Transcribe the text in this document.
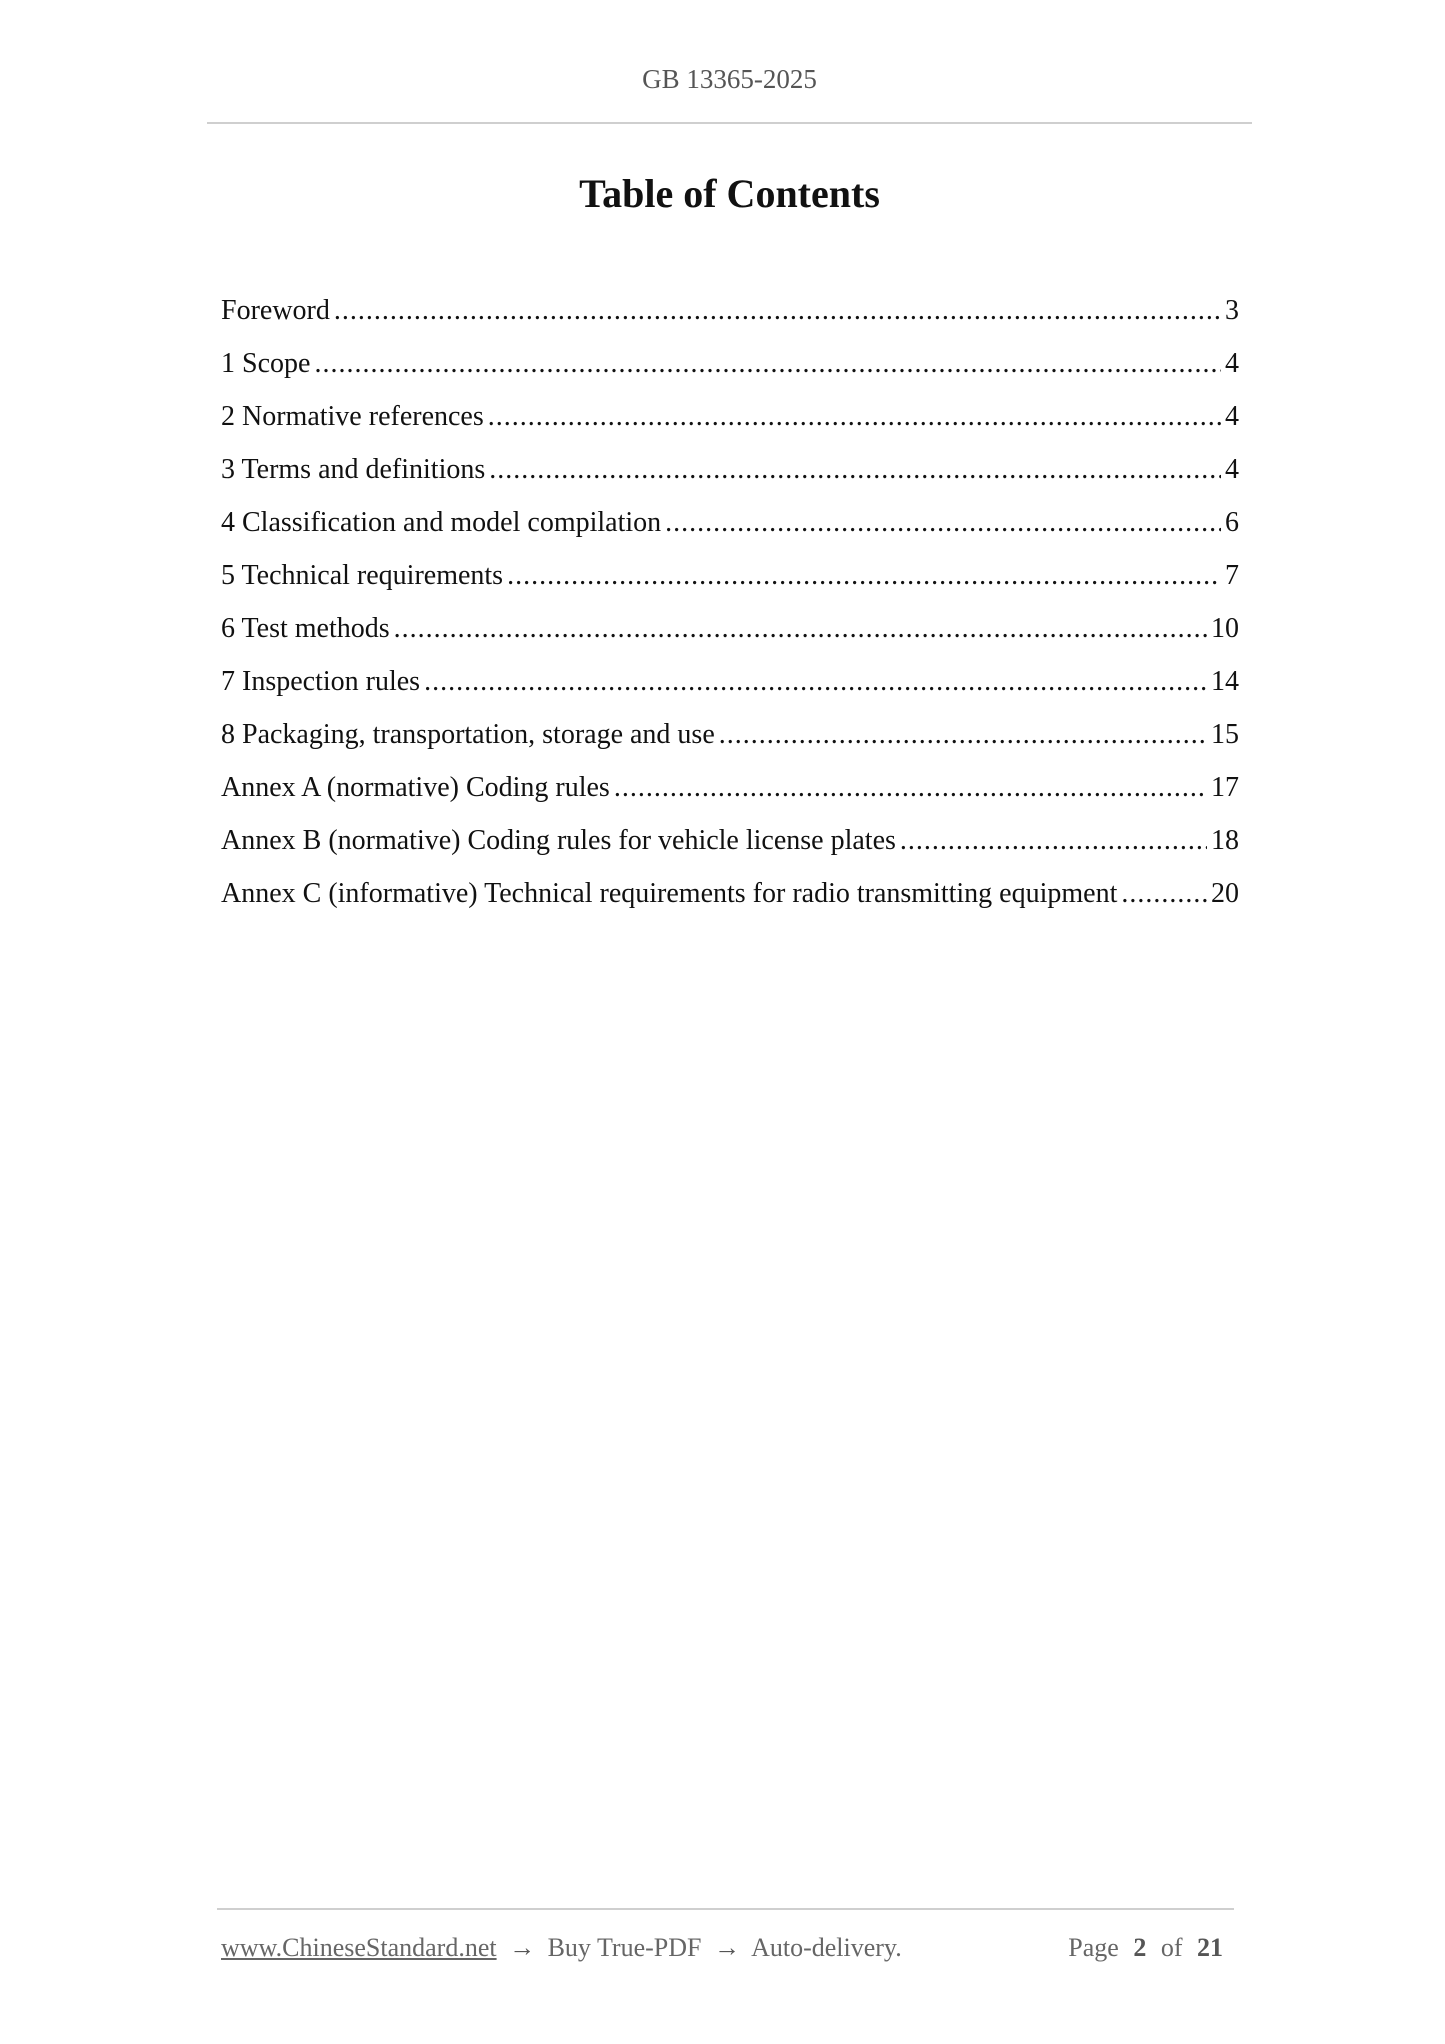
GB 13365-2025
Table of Contents
Foreword .....	3
1 Scope .....	4
2 Normative references .....	4
3 Terms and definitions .....	4
4 Classification and model compilation .....	6
5 Technical requirements .....	7
6 Test methods .....	10
7 Inspection rules .....	14
8 Packaging, transportation, storage and use .....	15
Annex A (normative) Coding rules .....	17
Annex B (normative) Coding rules for vehicle license plates .....	18
Annex C (informative) Technical requirements for radio transmitting equipment .....	20
www.ChineseStandard.net → Buy True-PDF → Auto-delivery.	Page 2 of 21
